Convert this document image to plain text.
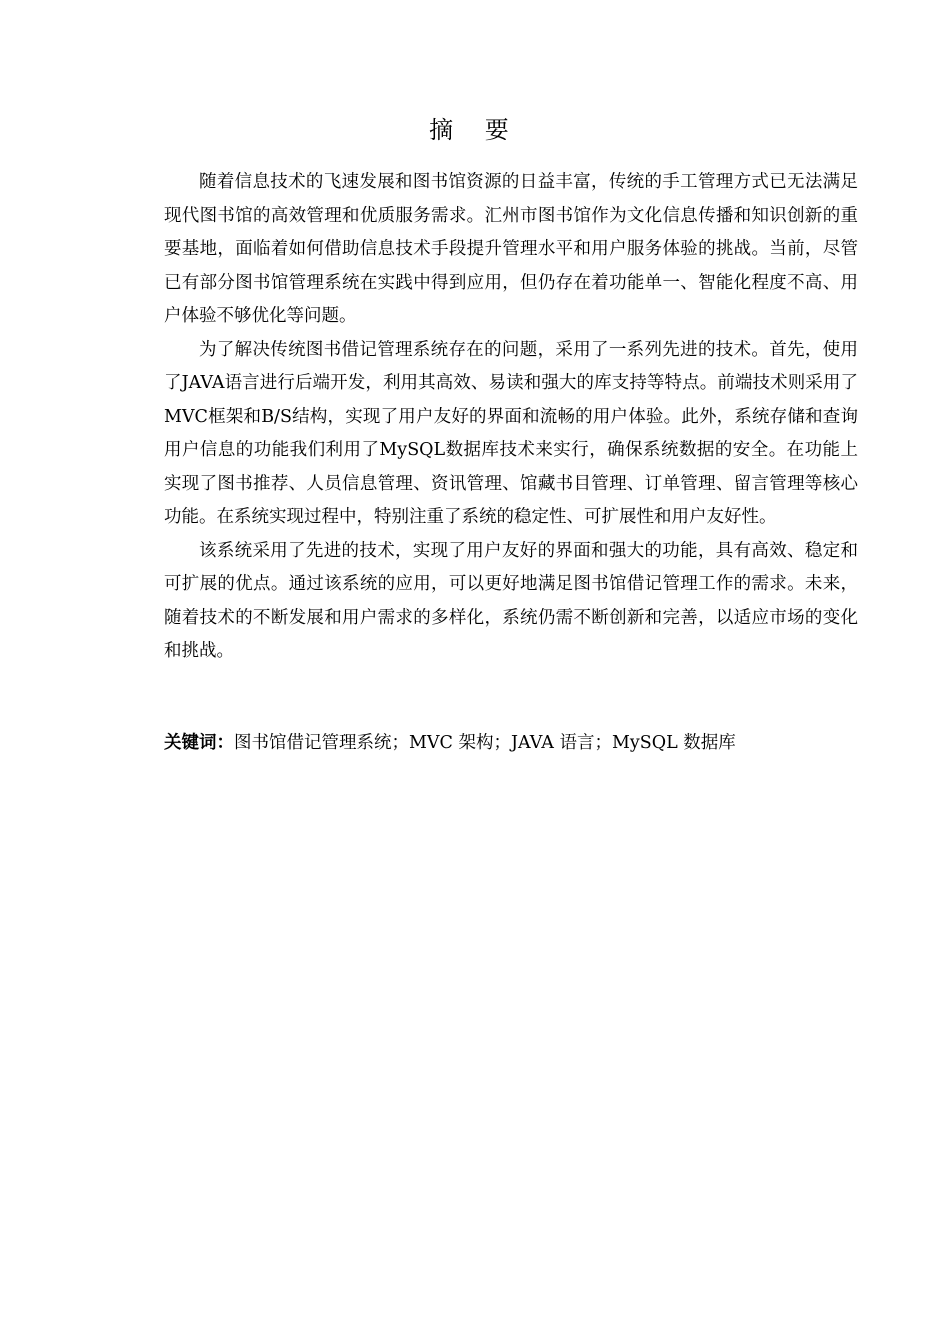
摘 要

随着信息技术的飞速发展和图书馆资源的日益丰富，传统的手工管理方式已无法满足现代图书馆的高效管理和优质服务需求。汇州市图书馆作为文化信息传播和知识创新的重要基地，面临着如何借助信息技术手段提升管理水平和用户服务体验的挑战。当前，尽管已有部分图书馆管理系统在实践中得到应用，但仍存在着功能单一、智能化程度不高、用户体验不够优化等问题。

为了解决传统图书借记管理系统存在的问题，采用了一系列先进的技术。首先，使用了JAVA语言进行后端开发，利用其高效、易读和强大的库支持等特点。前端技术则采用了MVC框架和B/S结构，实现了用户友好的界面和流畅的用户体验。此外，系统存储和查询用户信息的功能我们利用了MySQL数据库技术来实行，确保系统数据的安全。在功能上实现了图书推荐、人员信息管理、资讯管理、馆藏书目管理、订单管理、留言管理等核心功能。在系统实现过程中，特别注重了系统的稳定性、可扩展性和用户友好性。

该系统采用了先进的技术，实现了用户友好的界面和强大的功能，具有高效、稳定和可扩展的优点。通过该系统的应用，可以更好地满足图书馆借记管理工作的需求。未来，随着技术的不断发展和用户需求的多样化，系统仍需不断创新和完善，以适应市场的变化和挑战。

关键词：图书馆借记管理系统；MVC 架构；JAVA 语言；MySQL 数据库
